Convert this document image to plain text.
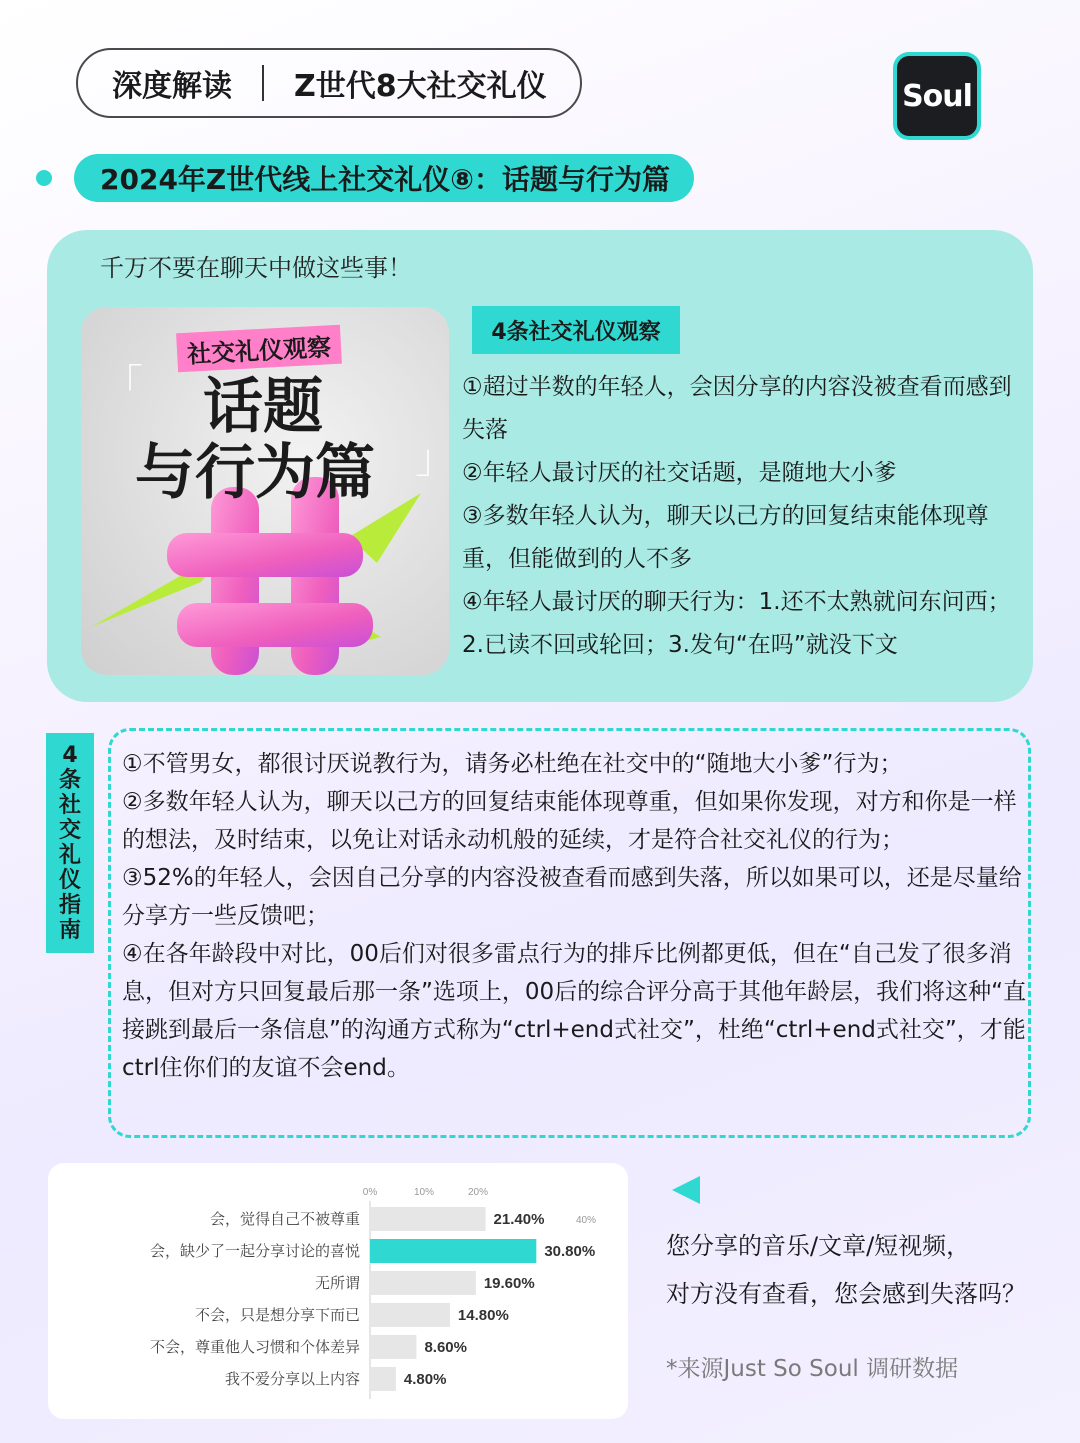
深度解读 Z世代8大社交礼仪	Soul
2024年Z世代线上社交礼仪⑧：话题与行为篇
千万不要在聊天中做这些事！
「
」
社交礼仪观察
话题
与行为篇
4条社交礼仪观察

①超过半数的年轻人，会因分享的内容没被查看而感到失落

②年轻人最讨厌的社交话题，是随地大小爹

③多数年轻人认为，聊天以己方的回复结束能体现尊重，但能做到的人不多

④年轻人最讨厌的聊天行为：1.还不太熟就问东问西；2.已读不回或轮回；3.发句“在吗”就没下文

4
条
社
交
礼
仪
指
南

①不管男女，都很讨厌说教行为，请务必杜绝在社交中的“随地大小爹”行为；

②多数年轻人认为，聊天以己方的回复结束能体现尊重，但如果你发现，对方和你是一样的想法，及时结束，以免让对话永动机般的延续，才是符合社交礼仪的行为；

③52%的年轻人，会因自己分享的内容没被查看而感到失落，所以如果可以，还是尽量给分享方一些反馈吧；

④在各年龄段中对比，00后们对很多雷点行为的排斥比例都更低，但在“自己发了很多消息，但对方只回复最后那一条”选项上，00后的综合评分高于其他年龄层，我们将这种“直接跳到最后一条信息”的沟通方式称为“ctrl+end式社交”，杜绝“ctrl+end式社交”，才能ctrl住你们的友谊不会end。

0%	10%	20%
40%
会，觉得自己不被尊重	21.40%
会，缺少了一起分享讨论的喜悦	30.80%
无所谓	19.60%
不会，只是想分享下而已	14.80%
不会，尊重他人习惯和个体差异	8.60%
我不爱分享以上内容	4.80%

您分享的音乐/文章/短视频，

对方没有查看，您会感到失落吗？

*来源Just So Soul 调研数据
